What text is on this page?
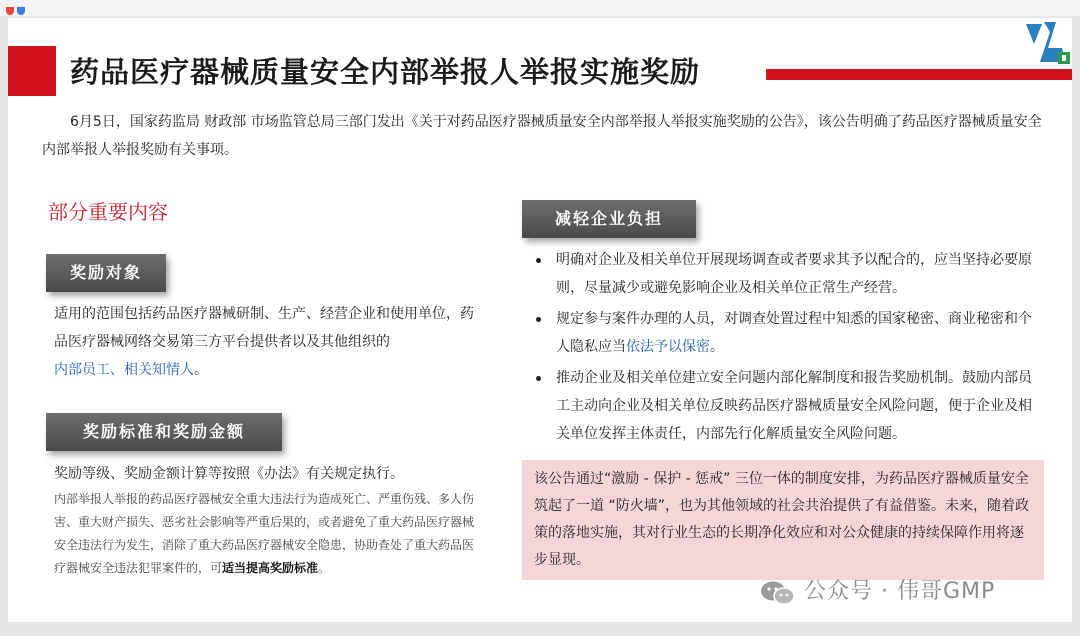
药品医疗器械质量安全内部举报人举报实施奖励

6月5日，国家药监局 财政部 市场监管总局三部门发出《关于对药品医疗器械质量安全内部举报人举报实施奖励的公告》，该公告明确了药品医疗器械质量安全内部举报人举报奖励有关事项。

部分重要内容
奖励对象

适用的范围包括药品医疗器械研制、生产、经营企业和使用单位，药品医疗器械网络交易第三方平台提供者以及其他组织的
内部员工、相关知情人。

奖励标准和奖励金额

奖励等级、奖励金额计算等按照《办法》有关规定执行。

内部举报人举报的药品医疗器械安全重大违法行为造成死亡、严重伤残、多人伤害、重大财产损失、恶劣社会影响等严重后果的，或者避免了重大药品医疗器械安全违法行为发生，消除了重大药品医疗器械安全隐患，协助查处了重大药品医疗器械安全违法犯罪案件的，可适当提高奖励标准。

减轻企业负担
明确对企业及相关单位开展现场调查或者要求其予以配合的，应当坚持必要原则，尽量减少或避免影响企业及相关单位正常生产经营。
规定参与案件办理的人员，对调查处置过程中知悉的国家秘密、商业秘密和个人隐私应当依法予以保密。
推动企业及相关单位建立安全问题内部化解制度和报告奖励机制。鼓励内部员工主动向企业及相关单位反映药品医疗器械质量安全风险问题，便于企业及相关单位发挥主体责任，内部先行化解质量安全风险问题。
该公告通过“激励 - 保护 - 惩戒” 三位一体的制度安排，为药品医疗器械质量安全筑起了一道 “防火墙”，也为其他领域的社会共治提供了有益借鉴。未来，随着政策的落地实施，其对行业生态的长期净化效应和对公众健康的持续保障作用将逐步显现。
公众号 · 伟哥GMP
